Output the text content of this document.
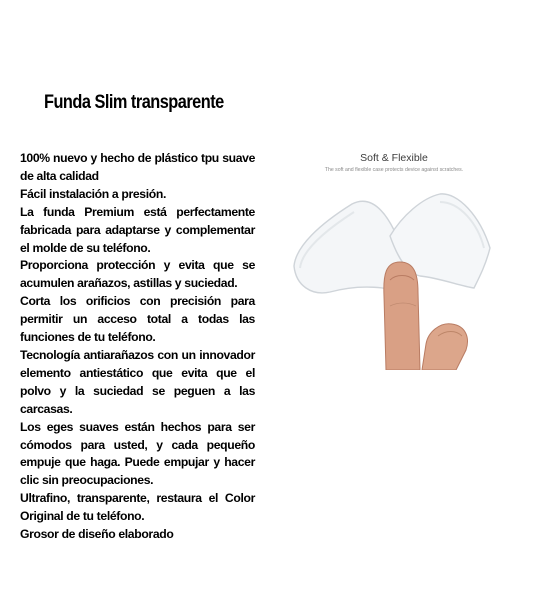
Funda Slim transparente

100% nuevo y hecho de plástico tpu suave de alta calidad

Fácil instalación a presión.

La funda Premium está perfectamente fabricada para adaptarse y complementar el molde de su teléfono.

Proporciona protección y evita que se acumulen arañazos, astillas y suciedad.

Corta los orificios con precisión para permitir un acceso total a todas las funciones de tu teléfono.

Tecnología antiarañazos con un innovador elemento antiestático que evita que el polvo y la suciedad se peguen a las carcasas.

Los eges suaves están hechos para ser cómodos para usted, y cada pequeño empuje que haga. Puede empujar y hacer clic sin preocupaciones.

Ultrafino, transparente, restaura el Color Original de tu teléfono.

Grosor de diseño elaborado

Soft & Flexible
The soft and flexible case protects device against scratches.
